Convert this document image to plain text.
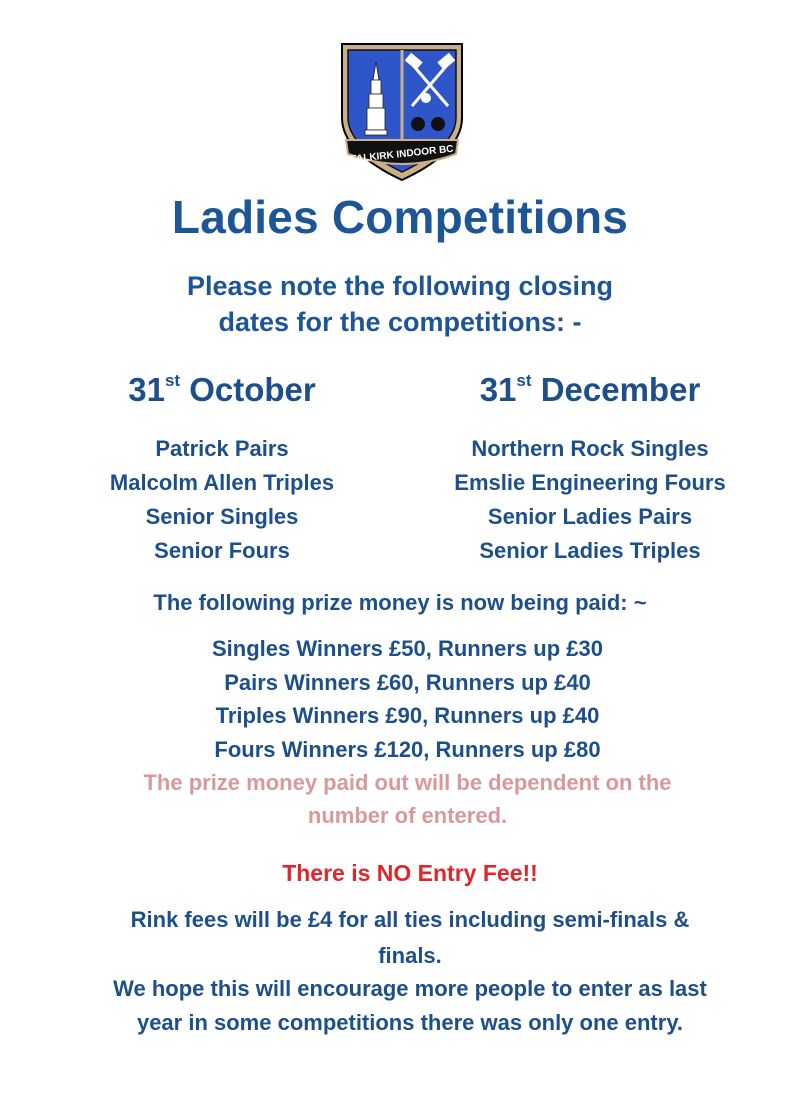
FALKIRK INDOOR BC
Ladies Competitions
Please note the following closing
dates for the competitions: -
31st October
Patrick Pairs
Malcolm Allen Triples
Senior Singles
Senior Fours
31st December
Northern Rock Singles
Emslie Engineering Fours
Senior Ladies Pairs
Senior Ladies Triples
The following prize money is now being paid: ~
Singles Winners £50, Runners up £30
Pairs Winners £60, Runners up £40
Triples Winners £90, Runners up £40
Fours Winners £120, Runners up £80
The prize money paid out will be dependent on the
number of entered.
There is NO Entry Fee!!
Rink fees will be £4 for all ties including semi-finals &
finals.
We hope this will encourage more people to enter as last
year in some competitions there was only one entry.
